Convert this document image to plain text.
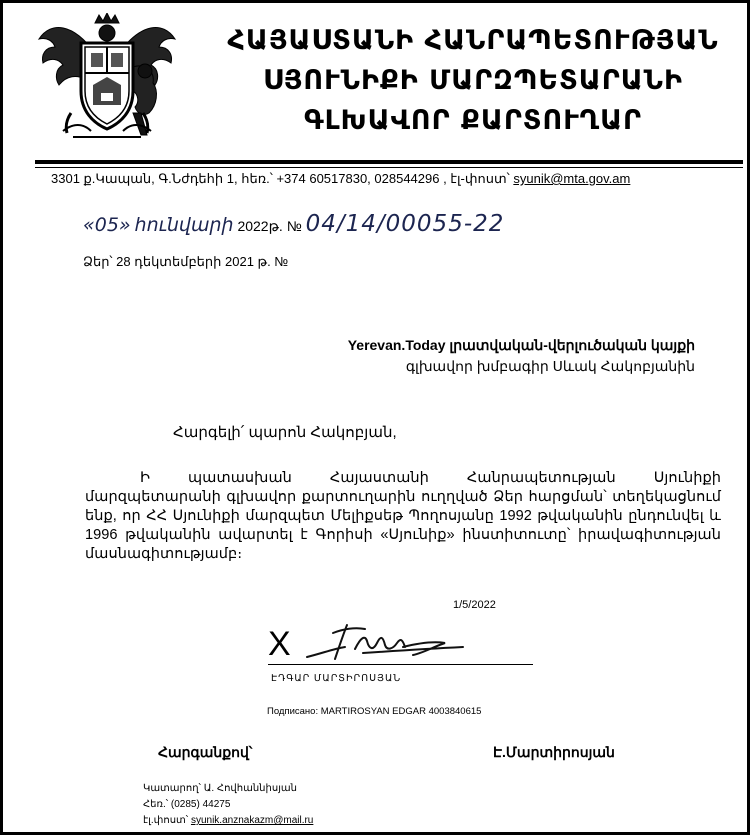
ՀԱՅԱՍՏԱՆԻ ՀԱՆՐԱՊԵՏՈՒԹՅԱՆ
ՍՅՈՒՆԻՔԻ ՄԱՐԶՊԵՏԱՐԱՆԻ
ԳԼԽԱՎՈՐ ՔԱՐՏՈՒՂԱՐ
3301 ք.Կապան, Գ.Նժդեհի 1, հեռ.՝ +374 60517830, 028544296 , էլ-փոստ՝ syunik@mta.gov.am
«05» հունվարի 2022թ. № 04/14/00055-22
Ձեր՝ 28 դեկտեմբերի 2021 թ. №
Yerevan.Today լրատվական-վերլուծական կայքի
գլխավոր խմբագիր Սևակ Հակոբյանին
Հարգելի՛ պարոն Հակոբյան,
Ի պատասխան Հայաստանի Հանրապետության Սյունիքի մարզպետարանի գլխավոր քարտուղարին ուղղված Ձեր հարցման՝ տեղեկացնում ենք, որ ՀՀ Սյունիքի մարզպետ Մելիքսեթ Պողոսյանը 1992 թվականին ընդունվել և 1996 թվականին ավարտել է Գորիսի «Սյունիք» ինստիտուտը՝ իրավագիտության մասնագիտությամբ։
1/5/2022
X
ԷԴԳԱՐ ՄԱՐՏԻՐՈՍՅԱՆ
Подписано: MARTIROSYAN EDGAR 4003840615
Հարգանքով՝	Է.Մարտիրոսյան
Կատարող՝ Ա. Հովհաննիսյան
Հեռ.՝ (0285) 44275
էլ.փոստ՝ syunik.anznakazm@mail.ru
